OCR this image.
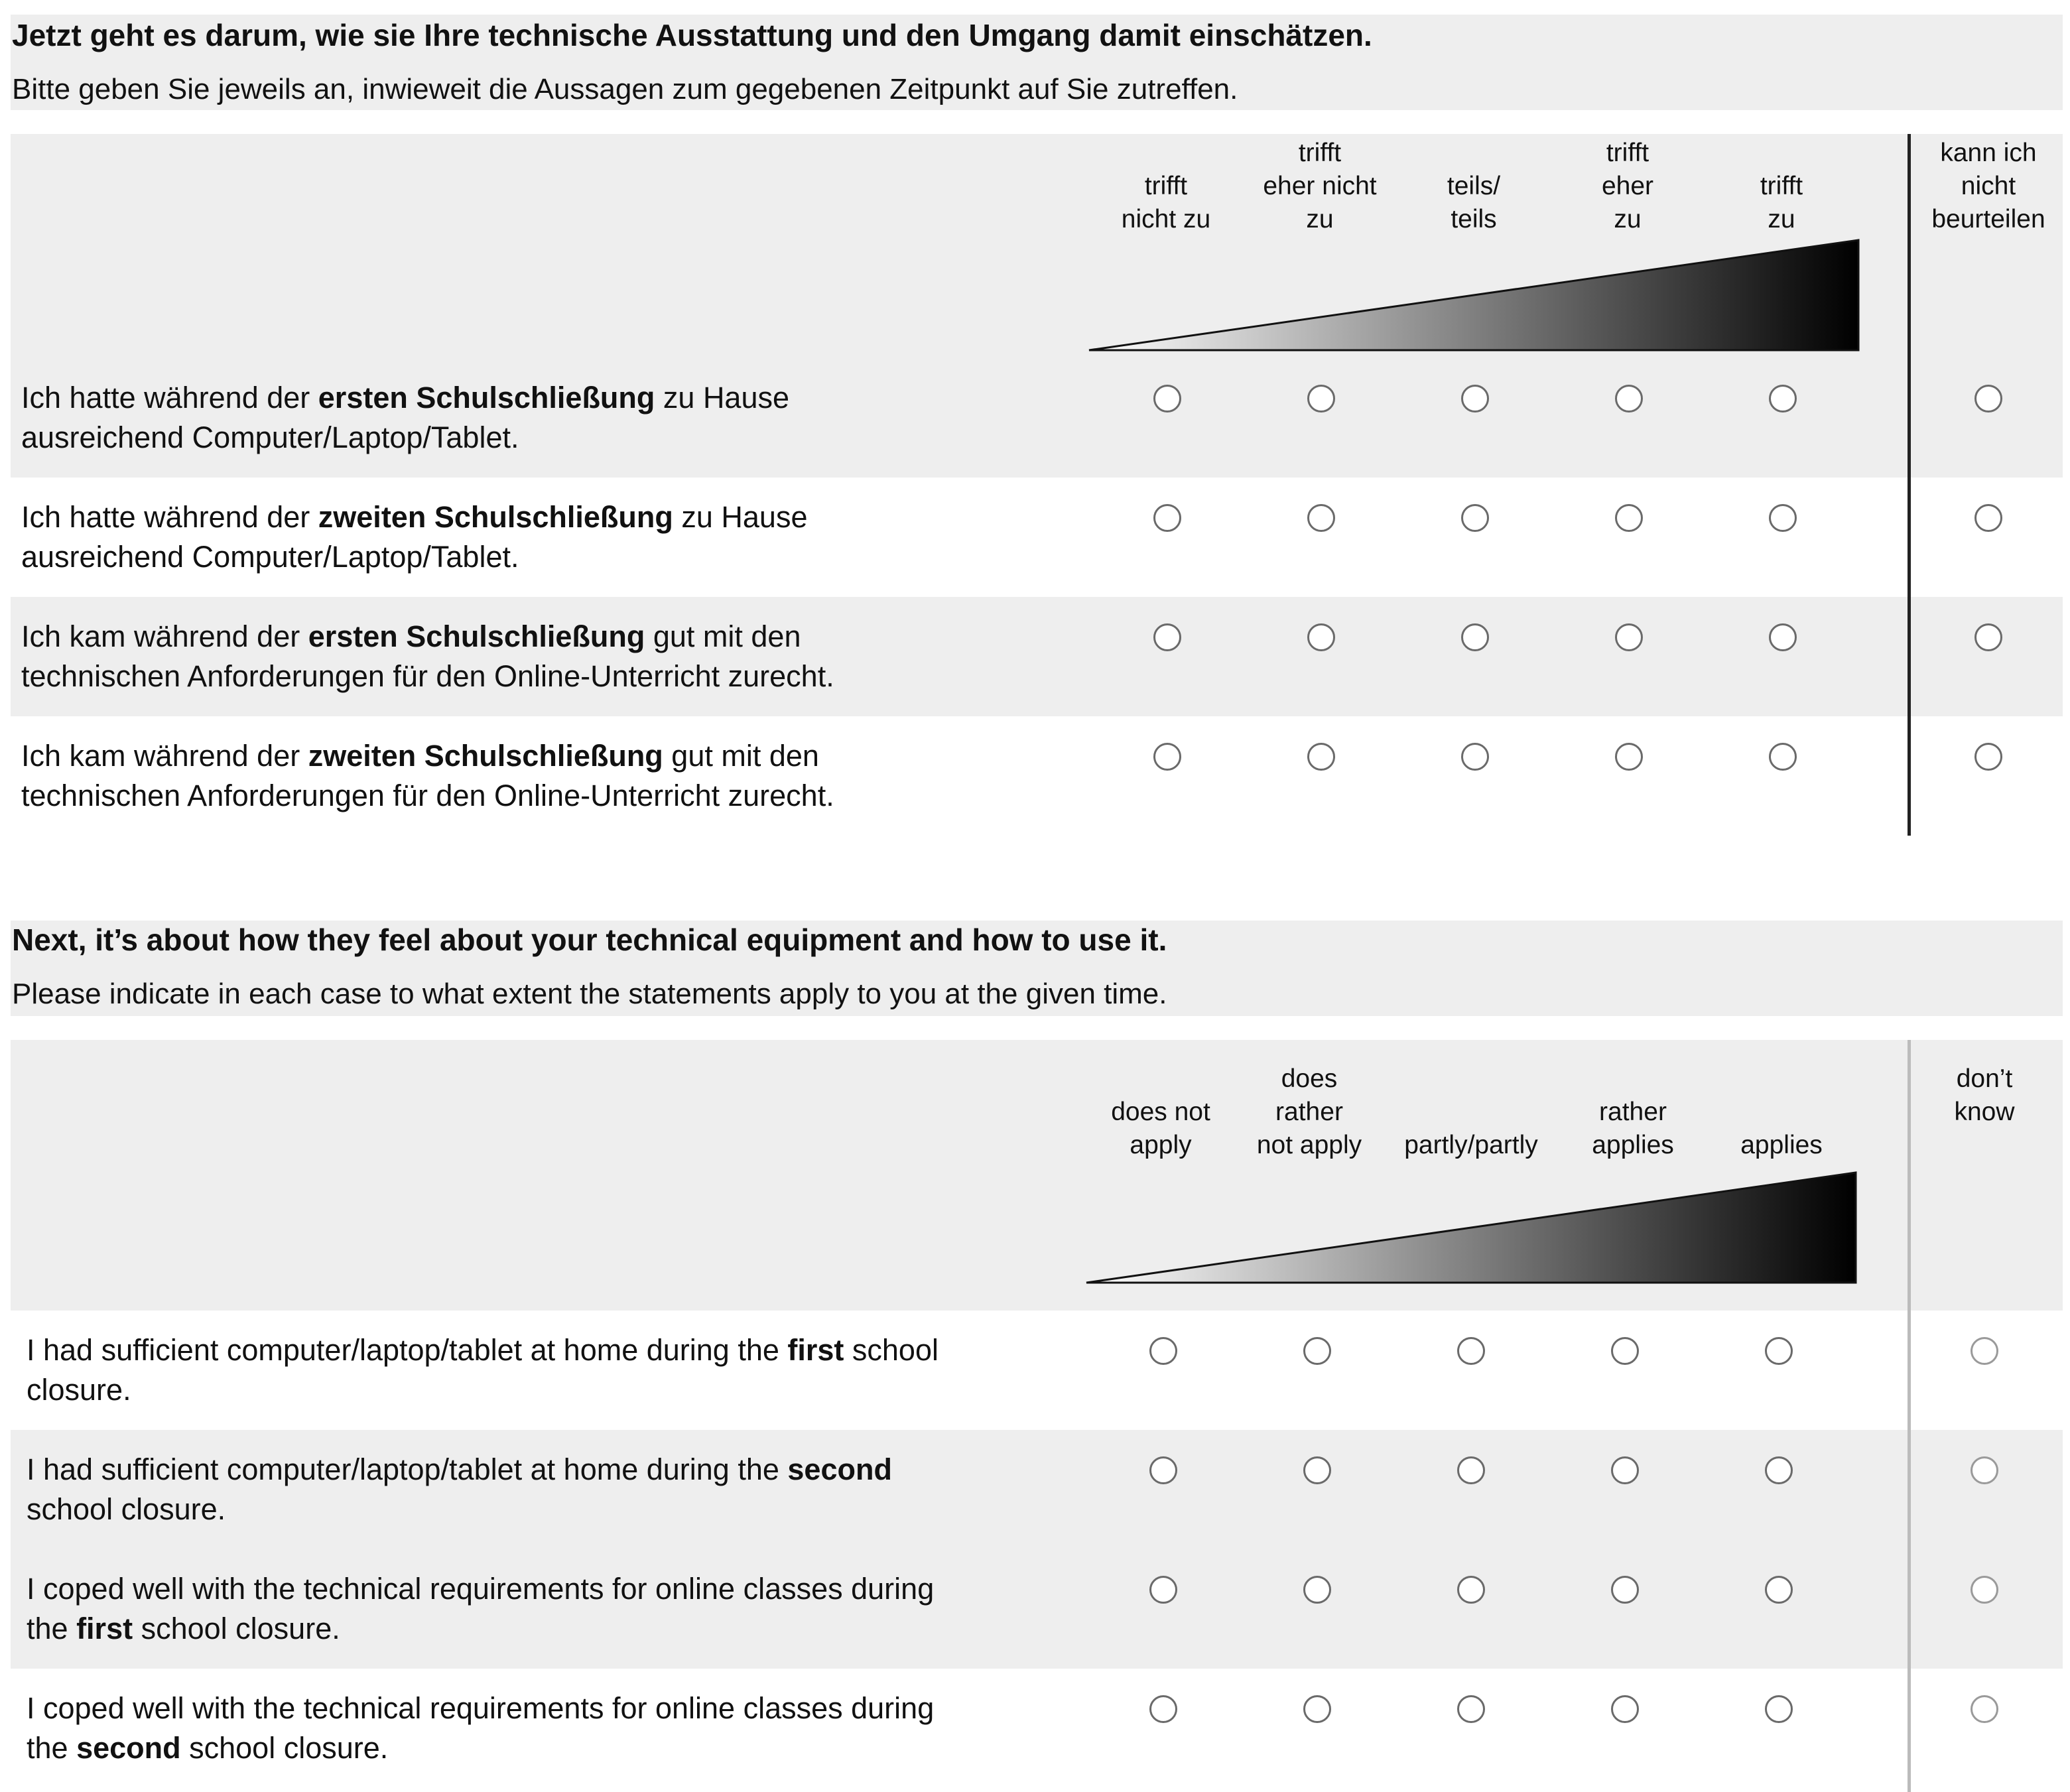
Jetzt geht es darum, wie sie Ihre technische Ausstattung und den Umgang damit einschätzen.
Bitte geben Sie jeweils an, inwieweit die Aussagen zum gegebenen Zeitpunkt auf Sie zutreffen.
trifft
nicht zu
trifft
eher nicht
zu
teils/
teils
trifft
eher
zu
trifft
zu
kann ich
nicht
beurteilen
Ich hatte während der ersten Schulschließung zu Hause
ausreichend Computer/Laptop/Tablet.
Ich hatte während der zweiten Schulschließung zu Hause
ausreichend Computer/Laptop/Tablet.
Ich kam während der ersten Schulschließung gut mit den
technischen Anforderungen für den Online-Unterricht zurecht.
Ich kam während der zweiten Schulschließung gut mit den
technischen Anforderungen für den Online-Unterricht zurecht.
Next, it’s about how they feel about your technical equipment and how to use it.
Please indicate in each case to what extent the statements apply to you at the given time.
does not
apply
does
rather
not apply	partly/partly
rather
applies	applies
don’t
know
I had sufficient computer/laptop/tablet at home during the first school
closure.
I had sufficient computer/laptop/tablet at home during the second
school closure.
I coped well with the technical requirements for online classes during
the first school closure.
I coped well with the technical requirements for online classes during
the second school closure.
